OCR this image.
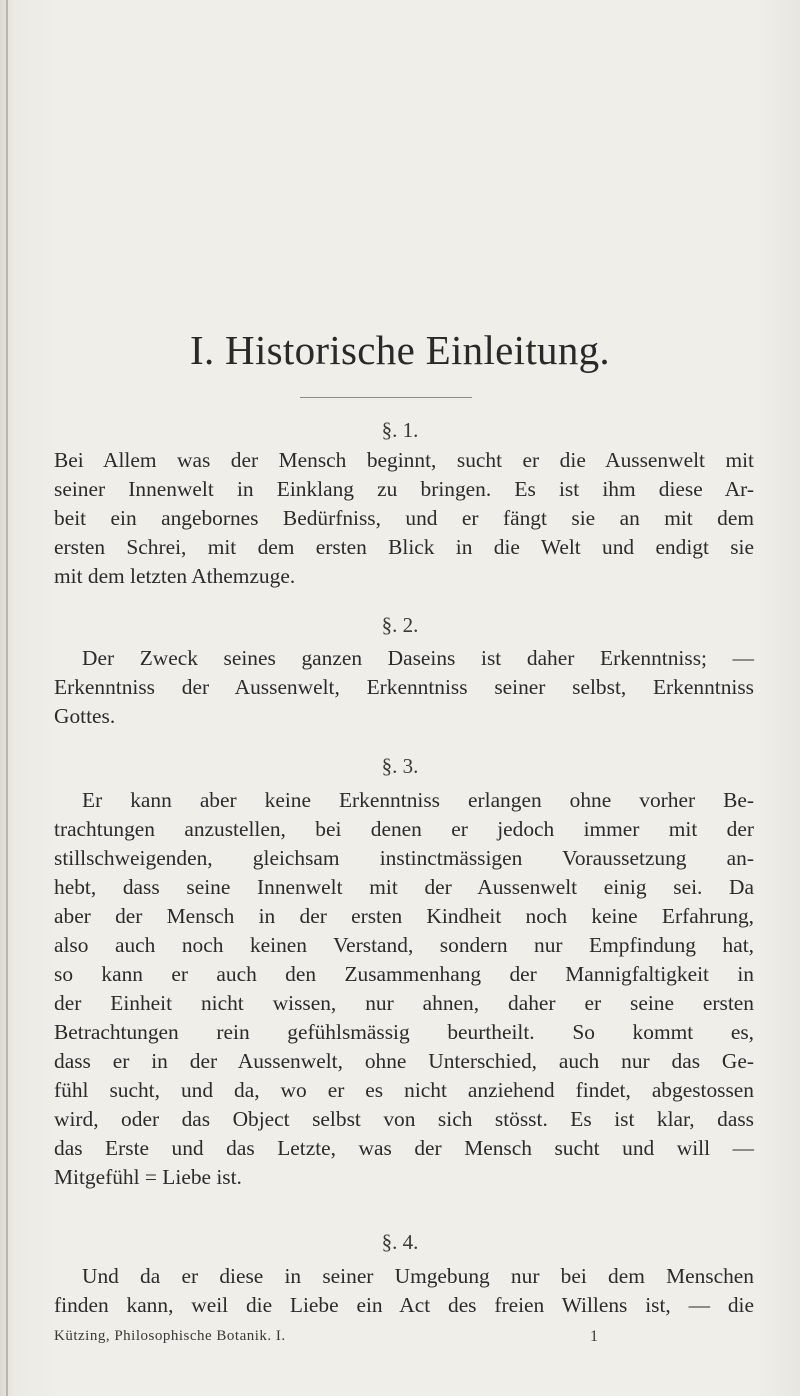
I. Historische Einleitung.
§. 1.
Bei Allem was der Mensch beginnt, sucht er die Aussenwelt mit
seiner Innenwelt in Einklang zu bringen. Es ist ihm diese Ar-
beit ein angebornes Bedürfniss, und er fängt sie an mit dem
ersten Schrei, mit dem ersten Blick in die Welt und endigt sie
mit dem letzten Athemzuge.
§. 2.
Der Zweck seines ganzen Daseins ist daher Erkenntniss; —
Erkenntniss der Aussenwelt, Erkenntniss seiner selbst, Erkenntniss
Gottes.
§. 3.
Er kann aber keine Erkenntniss erlangen ohne vorher Be-
trachtungen anzustellen, bei denen er jedoch immer mit der
stillschweigenden, gleichsam instinctmässigen Voraussetzung an-
hebt, dass seine Innenwelt mit der Aussenwelt einig sei. Da
aber der Mensch in der ersten Kindheit noch keine Erfahrung,
also auch noch keinen Verstand, sondern nur Empfindung hat,
so kann er auch den Zusammenhang der Mannigfaltigkeit in
der Einheit nicht wissen, nur ahnen, daher er seine ersten
Betrachtungen rein gefühlsmässig beurtheilt. So kommt es,
dass er in der Aussenwelt, ohne Unterschied, auch nur das Ge-
fühl sucht, und da, wo er es nicht anziehend findet, abgestossen
wird, oder das Object selbst von sich stösst. Es ist klar, dass
das Erste und das Letzte, was der Mensch sucht und will —
Mitgefühl = Liebe ist.
§. 4.
Und da er diese in seiner Umgebung nur bei dem Menschen
finden kann, weil die Liebe ein Act des freien Willens ist, — die
Kützing, Philosophische Botanik. I.	1
